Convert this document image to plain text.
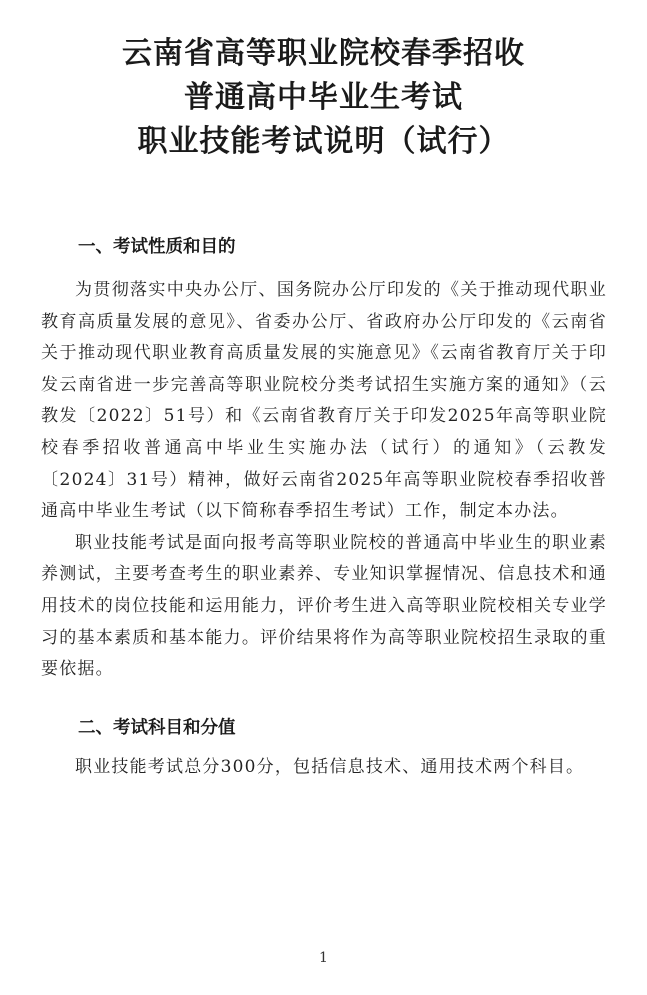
云南省高等职业院校春季招收
普通高中毕业生考试
职业技能考试说明（试行）
一、考试性质和目的

为贯彻落实中央办公厅、国务院办公厅印发的《关于推动现代职业教育高质量发展的意见》、省委办公厅、省政府办公厅印发的《云南省关于推动现代职业教育高质量发展的实施意见》《云南省教育厅关于印发云南省进一步完善高等职业院校分类考试招生实施方案的通知》（云教发〔2022〕51号）和《云南省教育厅关于印发2025年高等职业院校春季招收普通高中毕业生实施办法（试行）的通知》（云教发〔2024〕31号）精神，做好云南省2025年高等职业院校春季招收普通高中毕业生考试（以下简称春季招生考试）工作，制定本办法。

职业技能考试是面向报考高等职业院校的普通高中毕业生的职业素养测试，主要考查考生的职业素养、专业知识掌握情况、信息技术和通用技术的岗位技能和运用能力，评价考生进入高等职业院校相关专业学习的基本素质和基本能力。评价结果将作为高等职业院校招生录取的重要依据。

二、考试科目和分值

职业技能考试总分300分，包括信息技术、通用技术两个科目。

1
